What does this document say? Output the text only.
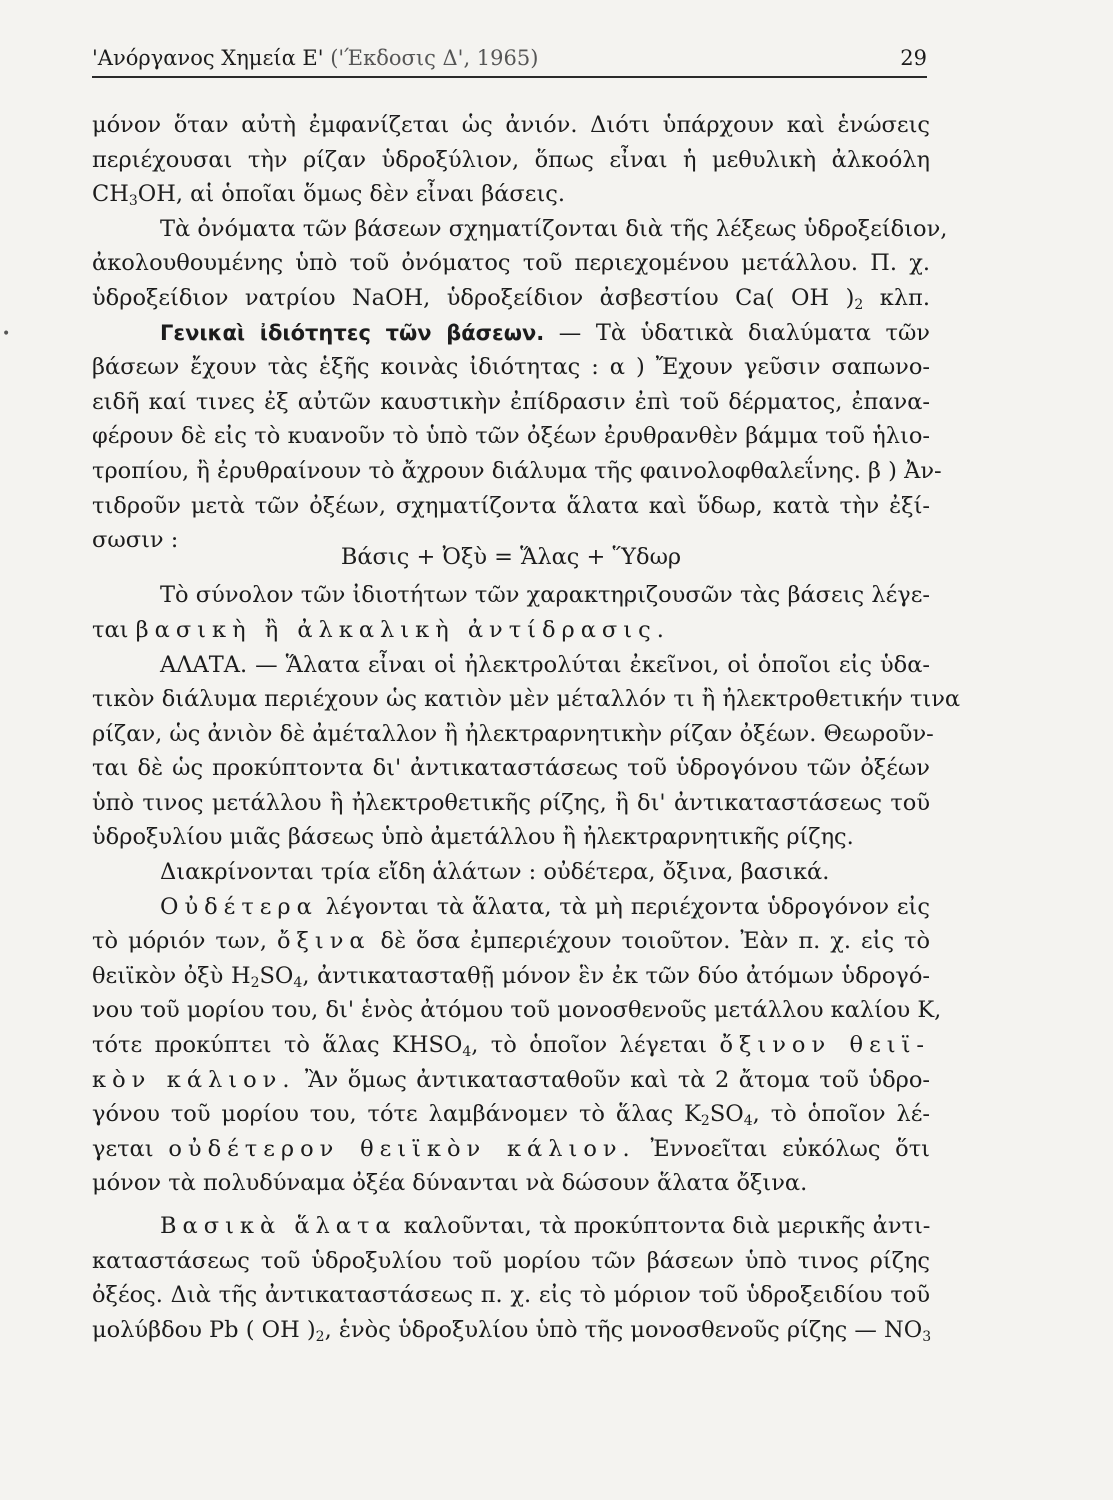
'Ανόργανος Χημεία Ε' ('Έκδοσις Δ', 1965)	29
•
μόνον ὅταν αὐτὴ ἐμφανίζεται ὡς ἀνιόν. Διότι ὑπάρχουν καὶ ἑνώσεις
περιέχουσαι τὴν ρίζαν ὑδροξύλιον, ὅπως εἶναι ἡ μεθυλικὴ ἀλκοόλη
$CH_3OH$, αἱ ὁποῖαι ὅμως δὲν εἶναι βάσεις.
Τὰ ὀνόματα τῶν βάσεων σχηματίζονται διὰ τῆς λέξεως ὑδροξείδιον,
ἀκολουθουμένης ὑπὸ τοῦ ὀνόματος τοῦ περιεχομένου μετάλλου. Π. χ.
ὑδροξείδιον νατρίου NaOH, ὑδροξείδιον ἀσβεστίου Ca( OH )$_2$ κλπ.
Γενικαὶ ἰδιότητες τῶν βάσεων. — Τὰ ὑδατικὰ διαλύματα τῶν
βάσεων ἔχουν τὰς ἑξῆς κοινὰς ἰδιότητας : α ) Ἔχουν γεῦσιν σαπωνο-
ειδῆ καί τινες ἐξ αὐτῶν καυστικὴν ἐπίδρασιν ἐπὶ τοῦ δέρματος, ἐπανα-
φέρουν δὲ εἰς τὸ κυανοῦν τὸ ὑπὸ τῶν ὀξέων ἐρυθρανθὲν βάμμα τοῦ ἡλιο-
τροπίου, ἢ ἐρυθραίνουν τὸ ἄχρουν διάλυμα τῆς φαινολοφθαλεΐνης. β ) Ἀν-
τιδροῦν μετὰ τῶν ὀξέων, σχηματίζοντα ἅλατα καὶ ὕδωρ, κατὰ τὴν ἐξί-
σωσιν :
Βάσις + Ὀξὺ = Ἅλας + Ὕδωρ
Τὸ σύνολον τῶν ἰδιοτήτων τῶν χαρακτηριζουσῶν τὰς βάσεις λέγε-
ται βασικὴ ἢ ἀλκαλικὴ ἀντίδρασις.
ΑΛΑΤΑ. — Ἅλατα εἶναι οἱ ἠλεκτρολύται ἐκεῖνοι, οἱ ὁποῖοι εἰς ὑδα-
τικὸν διάλυμα περιέχουν ὡς κατιὸν μὲν μέταλλόν τι ἢ ἠλεκτροθετικήν τινα
ρίζαν, ὡς ἀνιὸν δὲ ἀμέταλλον ἢ ἠλεκτραρνητικὴν ρίζαν ὀξέων. Θεωροῦν-
ται δὲ ὡς προκύπτοντα δι' ἀντικαταστάσεως τοῦ ὑδρογόνου τῶν ὀξέων
ὑπὸ τινος μετάλλου ἢ ἠλεκτροθετικῆς ρίζης, ἢ δι' ἀντικαταστάσεως τοῦ
ὑδροξυλίου μιᾶς βάσεως ὑπὸ ἀμετάλλου ἢ ἠλεκτραρνητικῆς ρίζης.
Διακρίνονται τρία εἴδη ἁλάτων : οὐδέτερα, ὄξινα, βασικά.
Οὐδέτερα λέγονται τὰ ἅλατα, τὰ μὴ περιέχοντα ὑδρογόνον εἰς
τὸ μόριόν των, ὄξινα δὲ ὅσα ἐμπεριέχουν τοιοῦτον. Ἐὰν π. χ. εἰς τὸ
θειϊκὸν ὀξὺ $H_2SO_4$, ἀντικατασταθῇ μόνον ἓν ἐκ τῶν δύο ἀτόμων ὑδρογό-
νου τοῦ μορίου του, δι' ἑνὸς ἀτόμου τοῦ μονοσθενοῦς μετάλλου καλίου K,
τότε προκύπτει τὸ ἅλας $KHSO_4$, τὸ ὁποῖον λέγεται ὄξινον θειϊ-
κὸν κάλιον. Ἂν ὅμως ἀντικατασταθοῦν καὶ τὰ 2 ἄτομα τοῦ ὑδρο-
γόνου τοῦ μορίου του, τότε λαμβάνομεν τὸ ἅλας $K_2SO_4$, τὸ ὁποῖον λέ-
γεται οὐδέτερον θειϊκὸν κάλιον. Ἐννοεῖται εὐκόλως ὅτι
μόνον τὰ πολυδύναμα ὀξέα δύνανται νὰ δώσουν ἅλατα ὄξινα.
Βασικὰ ἅλατα καλοῦνται, τὰ προκύπτοντα διὰ μερικῆς ἀντι-
καταστάσεως τοῦ ὑδροξυλίου τοῦ μορίου τῶν βάσεων ὑπὸ τινος ρίζης
ὀξέος. Διὰ τῆς ἀντικαταστάσεως π. χ. εἰς τὸ μόριον τοῦ ὑδροξειδίου τοῦ
μολύβδου Pb ( OH )$_2$, ἑνὸς ὑδροξυλίου ὑπὸ τῆς μονοσθενοῦς ρίζης — $NO_3$
